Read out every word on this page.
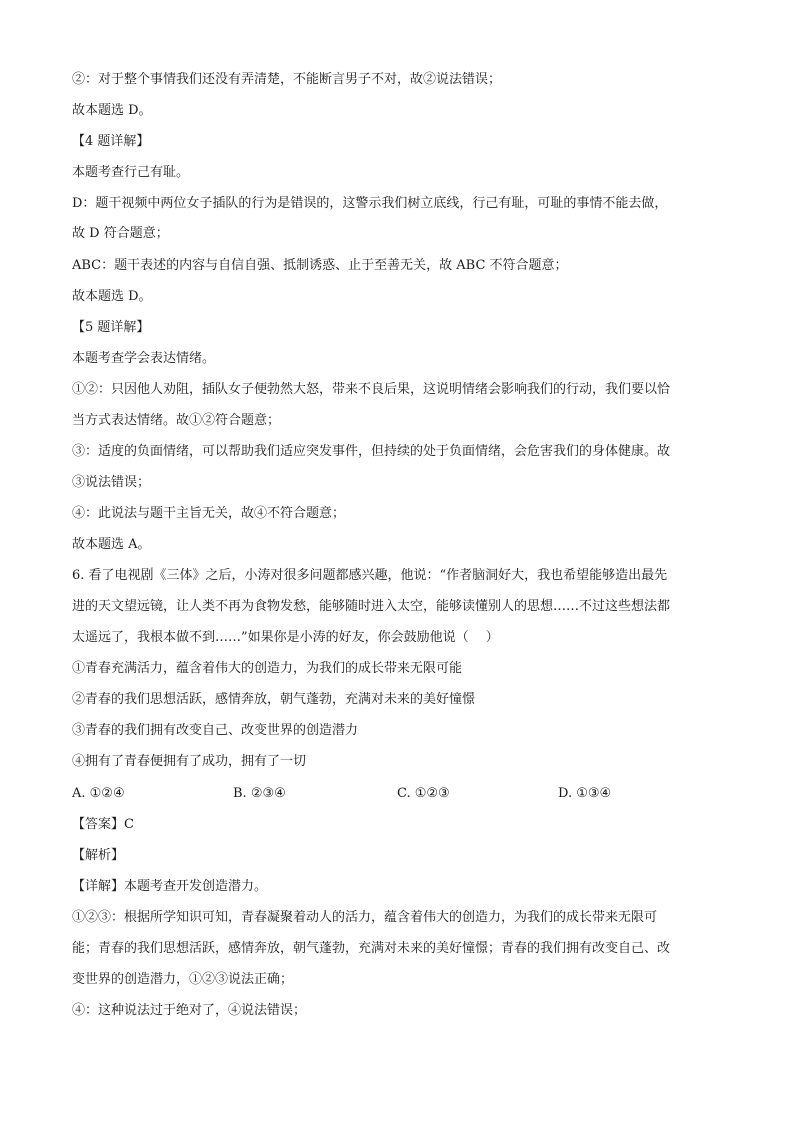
②：对于整个事情我们还没有弄清楚，不能断言男子不对，故②说法错误；
故本题选 D。
【4 题详解】
本题考查行己有耻。
D：题干视频中两位女子插队的行为是错误的，这警示我们树立底线，行己有耻，可耻的事情不能去做，
故 D 符合题意；
ABC：题干表述的内容与自信自强、抵制诱惑、止于至善无关，故 ABC 不符合题意；
故本题选 D。
【5 题详解】
本题考查学会表达情绪。
①②：只因他人劝阻，插队女子便勃然大怒，带来不良后果，这说明情绪会影响我们的行动，我们要以恰
当方式表达情绪。故①②符合题意；
③：适度的负面情绪，可以帮助我们适应突发事件，但持续的处于负面情绪，会危害我们的身体健康。故
③说法错误；
④：此说法与题干主旨无关，故④不符合题意；
故本题选 A。
6. 看了电视剧《三体》之后，小涛对很多问题都感兴趣，他说：“作者脑洞好大，我也希望能够造出最先
进的天文望远镜，让人类不再为食物发愁，能够随时进入太空，能够读懂别人的思想……不过这些想法都
太遥远了，我根本做不到……”如果你是小涛的好友，你会鼓励他说（　 ）
①青春充满活力，蕴含着伟大的创造力，为我们的成长带来无限可能
②青春的我们思想活跃，感情奔放，朝气蓬勃，充满对未来的美好憧憬
③青春的我们拥有改变自己、改变世界的创造潜力
④拥有了青春便拥有了成功，拥有了一切
A. ①②④	B. ②③④	C. ①②③	D. ①③④
【答案】C
【解析】
【详解】本题考查开发创造潜力。
①②③：根据所学知识可知，青春凝聚着动人的活力，蕴含着伟大的创造力，为我们的成长带来无限可
能；青春的我们思想活跃，感情奔放，朝气蓬勃，充满对未来的美好憧憬；青春的我们拥有改变自己、改
变世界的创造潜力，①②③说法正确；
④：这种说法过于绝对了，④说法错误；
